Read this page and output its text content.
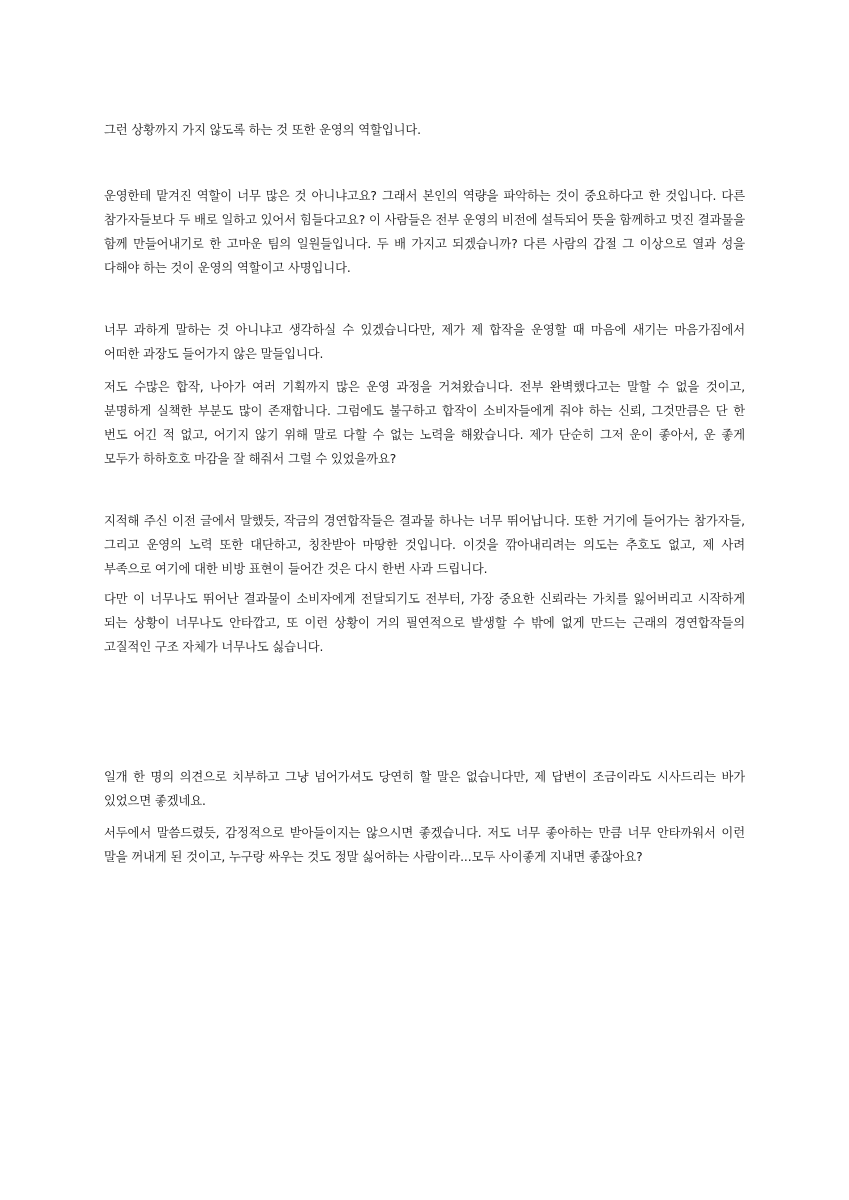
그런 상황까지 가지 않도록 하는 것 또한 운영의 역할입니다.

운영한테 맡겨진 역할이 너무 많은 것 아니냐고요? 그래서 본인의 역량을 파악하는 것이 중요하다고 한 것입니다. 다른 참가자들보다 두 배로 일하고 있어서 힘들다고요? 이 사람들은 전부 운영의 비전에 설득되어 뜻을 함께하고 멋진 결과물을 함께 만들어내기로 한 고마운 팀의 일원들입니다. 두 배 가지고 되겠습니까? 다른 사람의 갑절 그 이상으로 열과 성을 다해야 하는 것이 운영의 역할이고 사명입니다.

너무 과하게 말하는 것 아니냐고 생각하실 수 있겠습니다만, 제가 제 합작을 운영할 때 마음에 새기는 마음가짐에서 어떠한 과장도 들어가지 않은 말들입니다.

저도 수많은 합작, 나아가 여러 기획까지 많은 운영 과정을 거쳐왔습니다. 전부 완벽했다고는 말할 수 없을 것이고, 분명하게 실책한 부분도 많이 존재합니다. 그럼에도 불구하고 합작이 소비자들에게 줘야 하는 신뢰, 그것만큼은 단 한 번도 어긴 적 없고, 어기지 않기 위해 말로 다할 수 없는 노력을 해왔습니다. 제가 단순히 그저 운이 좋아서, 운 좋게 모두가 하하호호 마감을 잘 해줘서 그럴 수 있었을까요?

지적해 주신 이전 글에서 말했듯, 작금의 경연합작들은 결과물 하나는 너무 뛰어납니다. 또한 거기에 들어가는 참가자들, 그리고 운영의 노력 또한 대단하고, 칭찬받아 마땅한 것입니다. 이것을 깎아내리려는 의도는 추호도 없고, 제 사려 부족으로 여기에 대한 비방 표현이 들어간 것은 다시 한번 사과 드립니다.

다만 이 너무나도 뛰어난 결과물이 소비자에게 전달되기도 전부터, 가장 중요한 신뢰라는 가치를 잃어버리고 시작하게 되는 상황이 너무나도 안타깝고, 또 이런 상황이 거의 필연적으로 발생할 수 밖에 없게 만드는 근래의 경연합작들의 고질적인 구조 자체가 너무나도 싫습니다.

일개 한 명의 의견으로 치부하고 그냥 넘어가셔도 당연히 할 말은 없습니다만, 제 답변이 조금이라도 시사드리는 바가 있었으면 좋겠네요.

서두에서 말씀드렸듯, 감정적으로 받아들이지는 않으시면 좋겠습니다. 저도 너무 좋아하는 만큼 너무 안타까워서 이런 말을 꺼내게 된 것이고, 누구랑 싸우는 것도 정말 싫어하는 사람이라...모두 사이좋게 지내면 좋잖아요?
